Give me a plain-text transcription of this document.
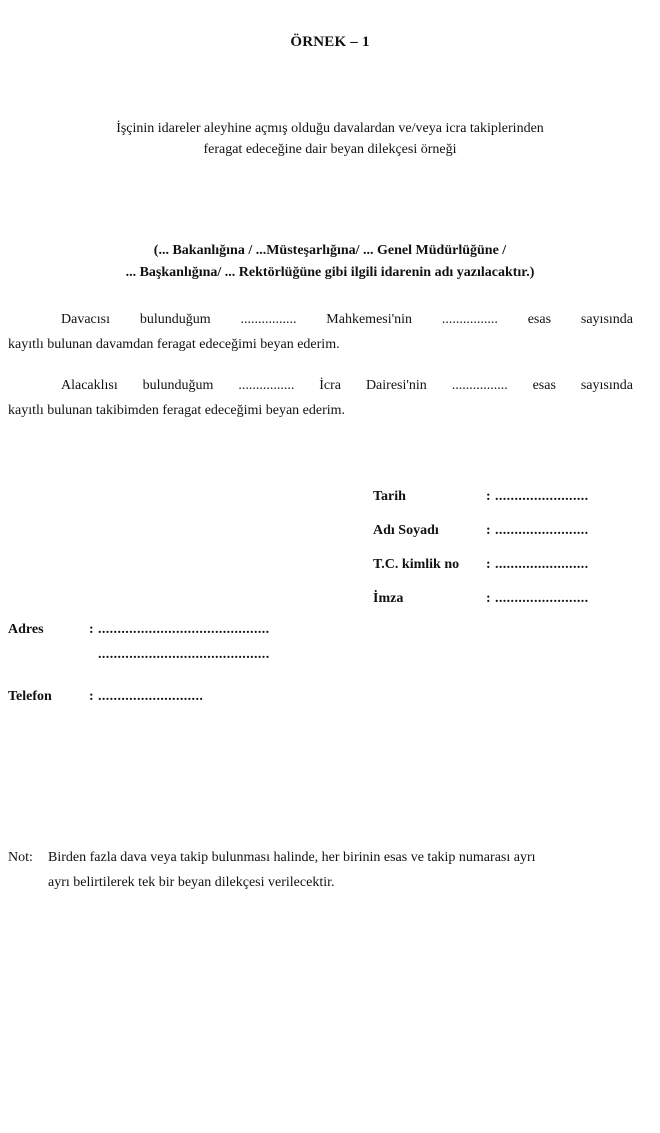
ÖRNEK – 1
İşçinin idareler aleyhine açmış olduğu davalardan ve/veya icra takiplerinden
feragat edeceğine dair beyan dilekçesi örneği
(... Bakanlığına / ...Müsteşarlığına/ ... Genel Müdürlüğüne /
... Başkanlığına/ ... Rektörlüğüne gibi ilgili idarenin adı yazılacaktır.)
Davacısı bulunduğum ................ Mahkemesi'nin ................ esas sayısında
kayıtlı bulunan davamdan feragat edeceğimi beyan ederim.
Alacaklısı bulunduğum ................ İcra Dairesi'nin ................ esas sayısında
kayıtlı bulunan takibimden feragat edeceğimi beyan ederim.
Tarih	: ........................
Adı Soyadı	: ........................
T.C. kimlik no : ........................
İmza	: ........................
Adres	: ............................................
............................................
Telefon	: ...........................
Not: Birden fazla dava veya takip bulunması halinde, her birinin esas ve takip numarası ayrı
ayrı belirtilerek tek bir beyan dilekçesi verilecektir.
